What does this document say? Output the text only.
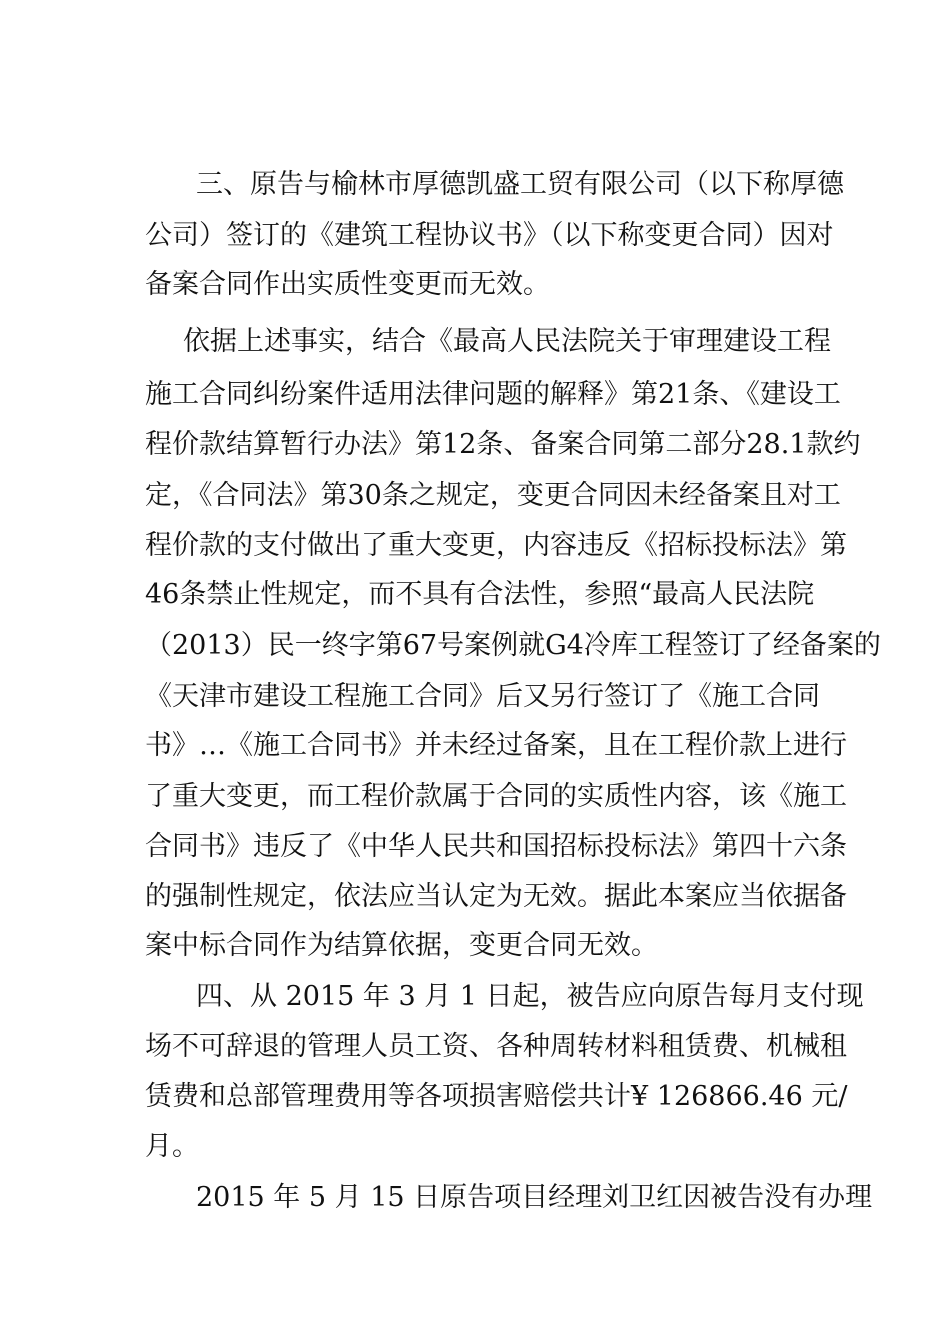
三、原告与榆林市厚德凯盛工贸有限公司（以下称厚德

公司）签订的《建筑工程协议书》（以下称变更合同）因对

备案合同作出实质性变更而无效。

依据上述事实，结合《最高人民法院关于审理建设工程

施工合同纠纷案件适用法律问题的解释》第21条、《建设工

程价款结算暂行办法》第12条、备案合同第二部分28.1款约

定，《合同法》第30条之规定，变更合同因未经备案且对工

程价款的支付做出了重大变更，内容违反《招标投标法》第

46条禁止性规定，而不具有合法性，参照“最高人民法院

（2013）民一终字第67号案例就G4冷库工程签订了经备案的

《天津市建设工程施工合同》后又另行签订了《施工合同

书》…《施工合同书》并未经过备案，且在工程价款上进行

了重大变更，而工程价款属于合同的实质性内容，该《施工

合同书》违反了《中华人民共和国招标投标法》第四十六条

的强制性规定，依法应当认定为无效。据此本案应当依据备

案中标合同作为结算依据，变更合同无效。

四、从 2015 年 3 月 1 日起，被告应向原告每月支付现

场不可辞退的管理人员工资、各种周转材料租赁费、机械租

赁费和总部管理费用等各项损害赔偿共计¥ 126866.46 元/

月。

2015 年 5 月 15 日原告项目经理刘卫红因被告没有办理
